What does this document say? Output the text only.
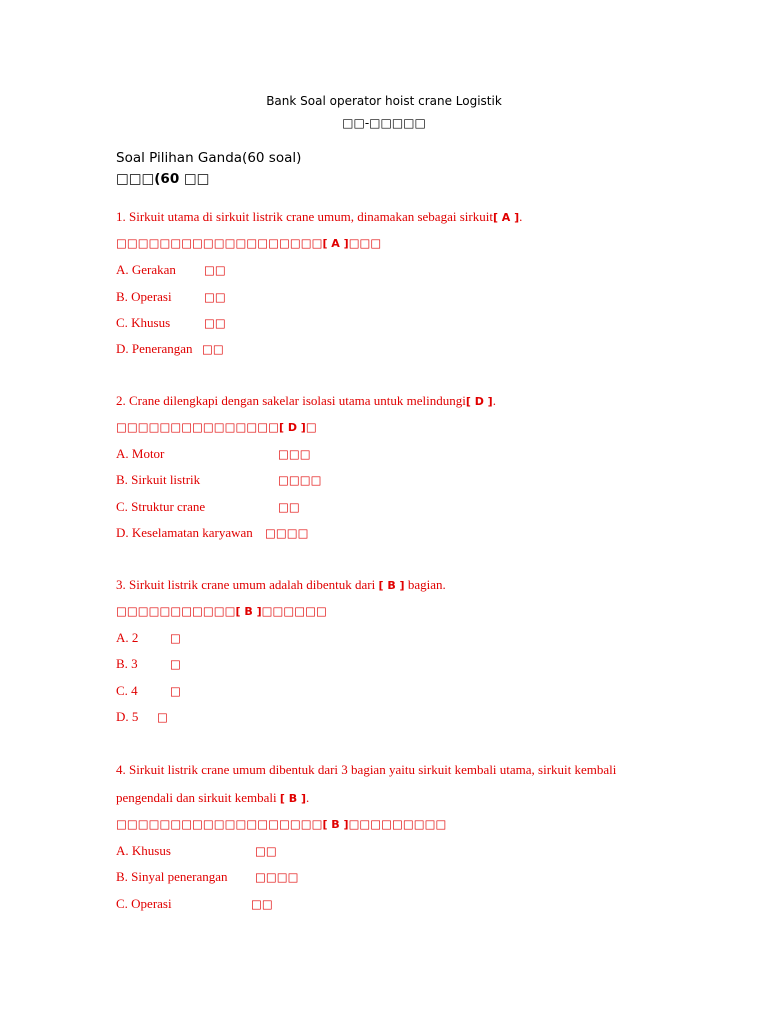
Bank Soal operator hoist crane Logistik
□□-□□□□□
Soal Pilihan Ganda(60 soal)
□□□(60 □□
1. Sirkuit utama di sirkuit listrik crane umum, dinamakan sebagai sirkuit[ A ].
□□□□□□□□□□□□□□□□□□□[ A ]□□□
A. Gerakan □□
B. Operasi	□□
C. Khusus	□□
D. Penerangan □□
2. Crane dilengkapi dengan sakelar isolasi utama untuk melindungi[ D ].
□□□□□□□□□□□□□□□[ D ]□
A. Motor	□□□
B. Sirkuit listrik	□□□□
C. Struktur crane	□□
D. Keselamatan karyawan □□□□
3. Sirkuit listrik crane umum adalah dibentuk dari [ B ] bagian.
□□□□□□□□□□□[ B ]□□□□□□
A. 2	□
B. 3	□
C. 4	□
D. 5 □
4. Sirkuit listrik crane umum dibentuk dari 3 bagian yaitu sirkuit kembali utama, sirkuit kembali
pengendali dan sirkuit kembali [ B ].
□□□□□□□□□□□□□□□□□□□[ B ]□□□□□□□□□
A. Khusus	□□
B. Sinyal penerangan □□□□
C. Operasi	□□
